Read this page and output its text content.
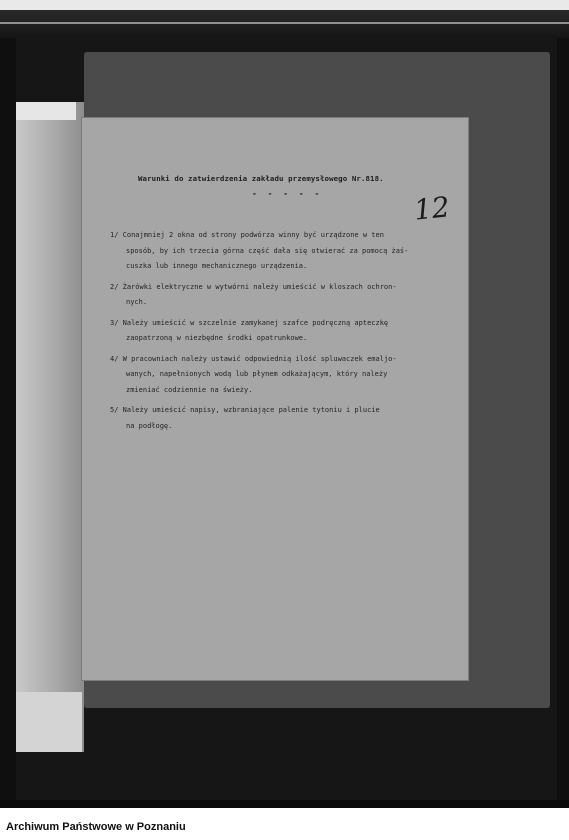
Warunki do zatwierdzenia zakładu przemysłowego Nr.818.
- - - - -	12
1/ Conajmniej 2 okna od strony podwórza winny być urządzone w ten
sposób, by ich trzecia górna część dała się otwierać za pomocą żaś-
cuszka lub innego mechanicznego urządzenia.
2/ Żarówki elektryczne w wytwórni należy umieścić w kloszach ochron-
nych.
3/ Należy umieścić w szczelnie zamykanej szafce podręczną apteczkę
zaopatrzoną w niezbędne środki opatrunkowe.
4/ W pracowniach należy ustawić odpowiednią ilość spluwaczek emaljo-
wanych, napełnionych wodą lub płynem odkażającym, który należy
zmieniać codziennie na świeży.
5/ Należy umieścić napisy, wzbraniające palenie tytoniu i plucie
na podłogę.
Archiwum Państwowe w Poznaniu
